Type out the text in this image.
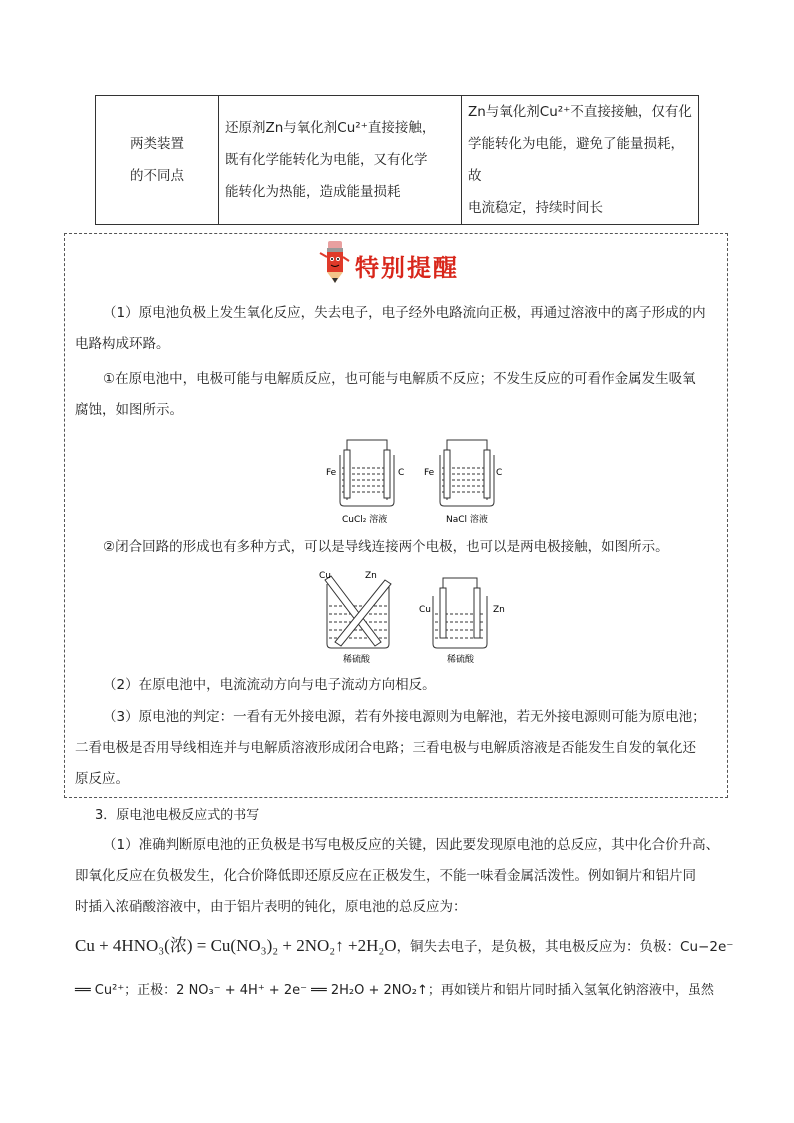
两类装置
的不同点

还原剂Zn与氧化剂Cu²⁺直接接触，
既有化学能转化为电能，又有化学
能转化为热能，造成能量损耗

Zn与氧化剂Cu²⁺不直接接触，仅有化
学能转化为电能，避免了能量损耗，故
电流稳定，持续时间长
特别提醒
（1）原电池负极上发生氧化反应，失去电子，电子经外电路流向正极，再通过溶液中的离子形成的内
电路构成环路。
①在原电池中，电极可能与电解质反应，也可能与电解质不反应；不发生反应的可看作金属发生吸氧
腐蚀，如图所示。
Fe	C
CuCl₂ 溶液
Fe	C
NaCl 溶液
②闭合回路的形成也有多种方式，可以是导线连接两个电极，也可以是两电极接触，如图所示。
Cu	Zn
稀硫酸
Cu	Zn
稀硫酸
（2）在原电池中，电流流动方向与电子流动方向相反。
（3）原电池的判定：一看有无外接电源，若有外接电源则为电解池，若无外接电源则可能为原电池；
二看电极是否用导线相连并与电解质溶液形成闭合电路；三看电极与电解质溶液是否能发生自发的氧化还
原反应。
3．原电池电极反应式的书写
（1）准确判断原电池的正负极是书写电极反应的关键，因此要发现原电池的总反应，其中化合价升高、
即氧化反应在负极发生，化合价降低即还原反应在正极发生，不能一味看金属活泼性。例如铜片和铝片同
时插入浓硝酸溶液中，由于铝片表明的钝化，原电池的总反应为：
Cu + 4HNO₃(浓) = Cu(NO₃)₂ + 2NO₂↑ +2H₂O，铜失去电子，是负极，其电极反应为：负极：Cu−2e⁻
══ Cu²⁺；正极：2 NO₃⁻ + 4H⁺ + 2e⁻ ══ 2H₂O + 2NO₂↑；再如镁片和铝片同时插入氢氧化钠溶液中，虽然
